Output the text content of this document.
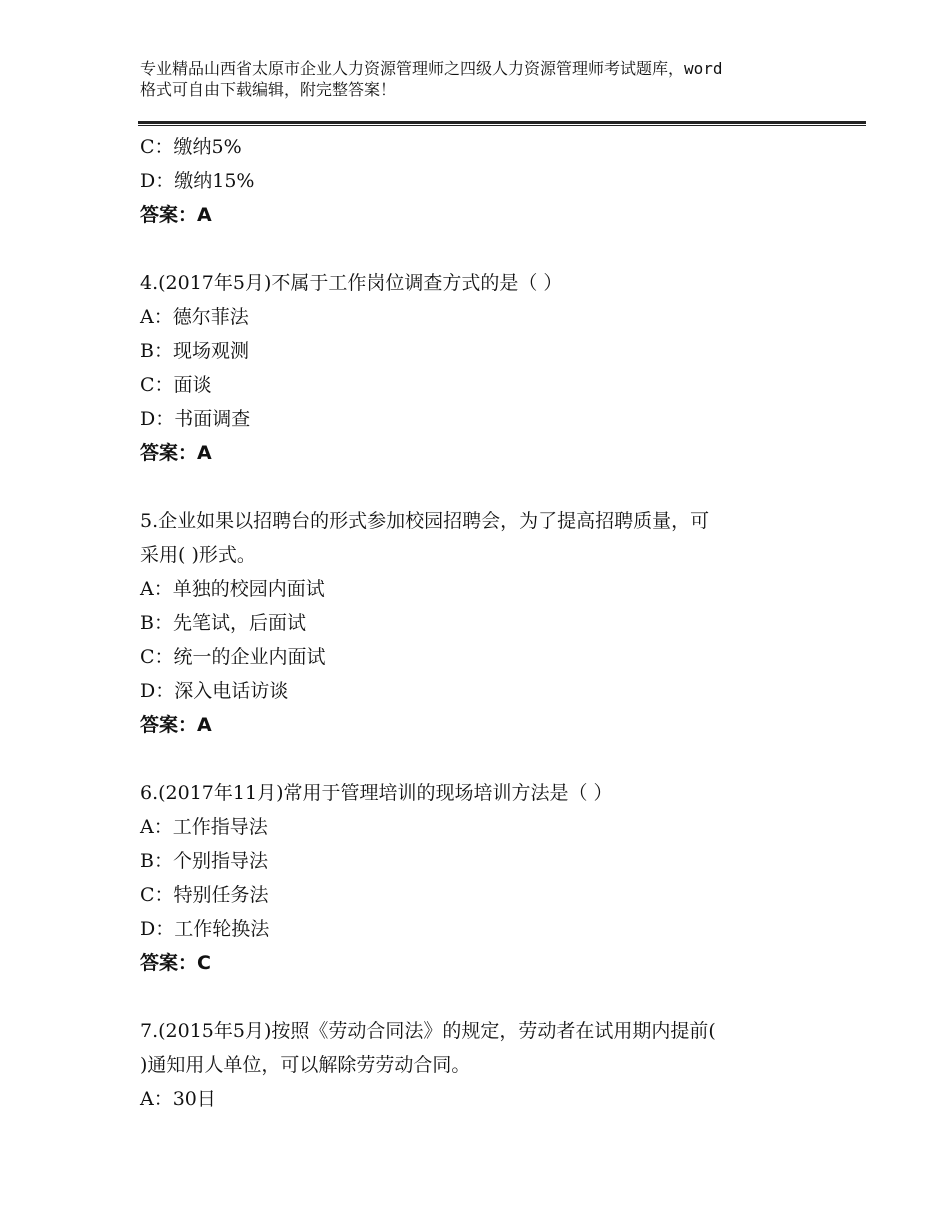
专业精品山西省太原市企业人力资源管理师之四级人力资源管理师考试题库，word
格式可自由下载编辑，附完整答案！
C：缴纳5%
D：缴纳15%
答案：A
4.(2017年5月)不属于工作岗位调查方式的是（ ）
A：德尔菲法
B：现场观测
C：面谈
D：书面调查
答案：A
5.企业如果以招聘台的形式参加校园招聘会，为了提高招聘质量，可
采用( )形式。
A：单独的校园内面试
B：先笔试，后面试
C：统一的企业内面试
D：深入电话访谈
答案：A
6.(2017年11月)常用于管理培训的现场培训方法是（ ）
A：工作指导法
B：个别指导法
C：特别任务法
D：工作轮换法
答案：C
7.(2015年5月)按照《劳动合同法》的规定，劳动者在试用期内提前(
)通知用人单位，可以解除劳劳动合同。
A：30日
